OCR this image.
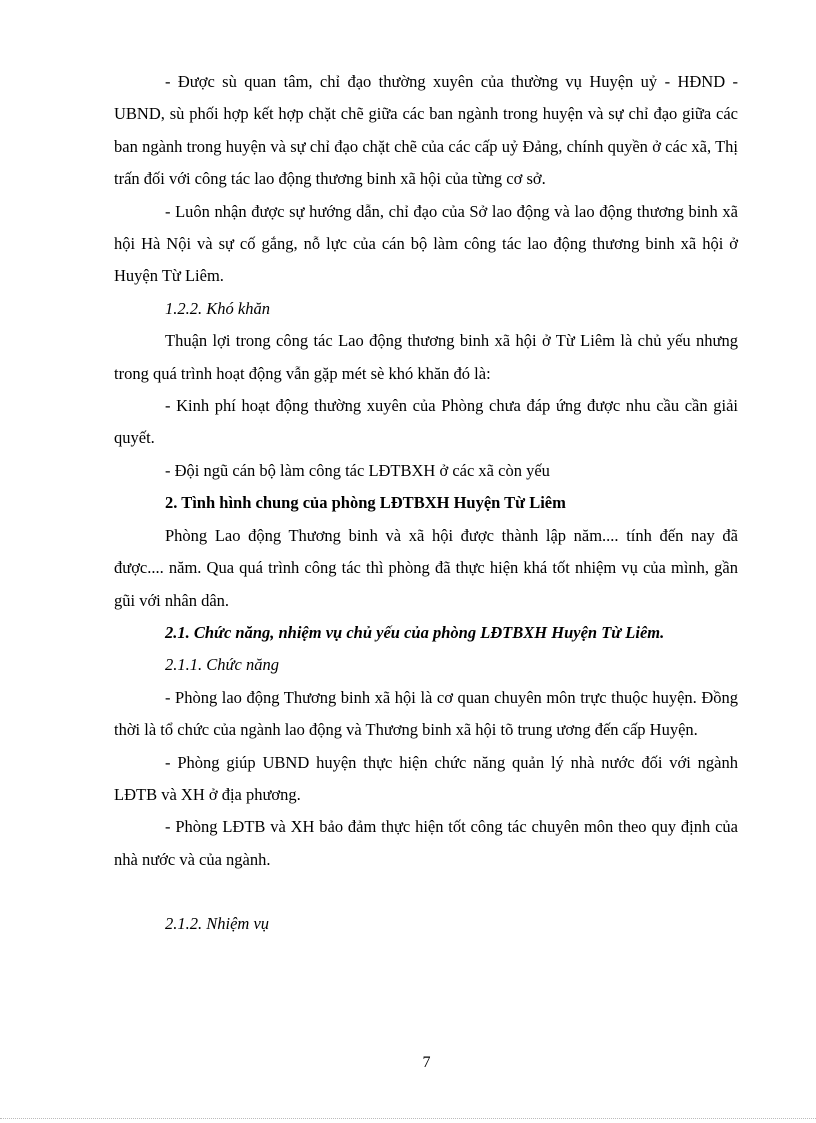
- Được sù quan tâm, chỉ đạo thường xuyên của thường vụ Huyện uỷ - HĐND - UBND, sù phối hợp kết hợp chặt chẽ giữa các ban ngành trong huyện và sự chỉ đạo giữa các ban ngành trong huyện và sự chỉ đạo chặt chẽ của các cấp uỷ Đảng, chính quyền ở các xã, Thị trấn đối với công tác lao động thương binh xã hội của từng cơ sở.

- Luôn nhận được sự hướng dẫn, chỉ đạo của Sở lao động và lao động thương binh xã hội Hà Nội và sự cố gắng, nỗ lực của cán bộ làm công tác lao động thương binh xã hội ở Huyện Từ Liêm.

1.2.2. Khó khăn

Thuận lợi trong công tác Lao động thương binh xã hội ở Từ Liêm là chủ yếu nhưng trong quá trình hoạt động vẫn gặp mét sè khó khăn đó là:

- Kinh phí hoạt động thường xuyên của Phòng chưa đáp ứng được nhu cầu cần giải quyết.

- Đội ngũ cán bộ làm công tác LĐTBXH ở các xã còn yếu

2. Tình hình chung của phòng LĐTBXH Huyện Từ Liêm

Phòng Lao động Thương binh và xã hội được thành lập năm.... tính đến nay đã được.... năm. Qua quá trình công tác thì phòng đã thực hiện khá tốt nhiệm vụ của mình, gần gũi với nhân dân.

2.1. Chức năng, nhiệm vụ chủ yếu của phòng LĐTBXH Huyện Từ Liêm.

2.1.1. Chức năng

- Phòng lao động Thương binh xã hội là cơ quan chuyên môn trực thuộc huyện. Đồng thời là tổ chức của ngành lao động và Thương binh xã hội tõ trung ương đến cấp Huyện.

- Phòng giúp UBND huyện thực hiện chức năng quản lý nhà nước đối với ngành LĐTB và XH ở địa phương.

- Phòng LĐTB và XH bảo đảm thực hiện tốt công tác chuyên môn theo quy định của nhà nước và của ngành.

2.1.2. Nhiệm vụ

7
